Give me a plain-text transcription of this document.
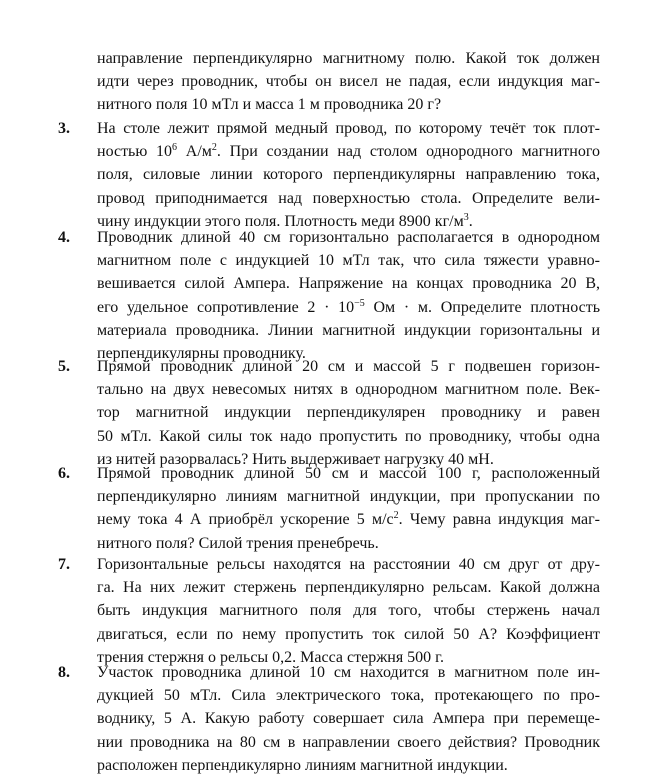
направление перпендикулярно магнитному полю. Какой ток должен
идти через проводник, чтобы он висел не падая, если индукция маг-
нитного поля 10 мТл и масса 1 м проводника 20 г?
3.	На столе лежит прямой медный провод, по которому течёт ток плот-
ностью $10^6$ $А/м^2$. При создании над столом однородного магнитного
поля, силовые линии которого перпендикулярны направлению тока,
провод приподнимается над поверхностью стола. Определите вели-
чину индукции этого поля. Плотность меди 8900 $кг/м^3$.
4.	Проводник длиной 40 см горизонтально располагается в однородном
магнитном поле с индукцией 10 мТл так, что сила тяжести уравно-
вешивается силой Ампера. Напряжение на концах проводника 20 В,
его удельное сопротивление $2 \cdot 10^{-5}$ Ом · м. Определите плотность
материала проводника. Линии магнитной индукции горизонтальны и
перпендикулярны проводнику.
5.	Прямой проводник длиной 20 см и массой 5 г подвешен горизон-
тально на двух невесомых нитях в однородном магнитном поле. Век-
тор магнитной индукции перпендикулярен проводнику и равен
50 мТл. Какой силы ток надо пропустить по проводнику, чтобы одна
из нитей разорвалась? Нить выдерживает нагрузку 40 мН.
6.	Прямой проводник длиной 50 см и массой 100 г, расположенный
перпендикулярно линиям магнитной индукции, при пропускании по
нему тока 4 А приобрёл ускорение 5 $м/с^2$. Чему равна индукция маг-
нитного поля? Силой трения пренебречь.
7.	Горизонтальные рельсы находятся на расстоянии 40 см друг от дру-
га. На них лежит стержень перпендикулярно рельсам. Какой должна
быть индукция магнитного поля для того, чтобы стержень начал
двигаться, если по нему пропустить ток силой 50 А? Коэффициент
трения стержня о рельсы 0,2. Масса стержня 500 г.
8.	Участок проводника длиной 10 см находится в магнитном поле ин-
дукцией 50 мТл. Сила электрического тока, протекающего по про-
воднику, 5 А. Какую работу совершает сила Ампера при перемеще-
нии проводника на 80 см в направлении своего действия? Проводник
расположен перпендикулярно линиям магнитной индукции.
